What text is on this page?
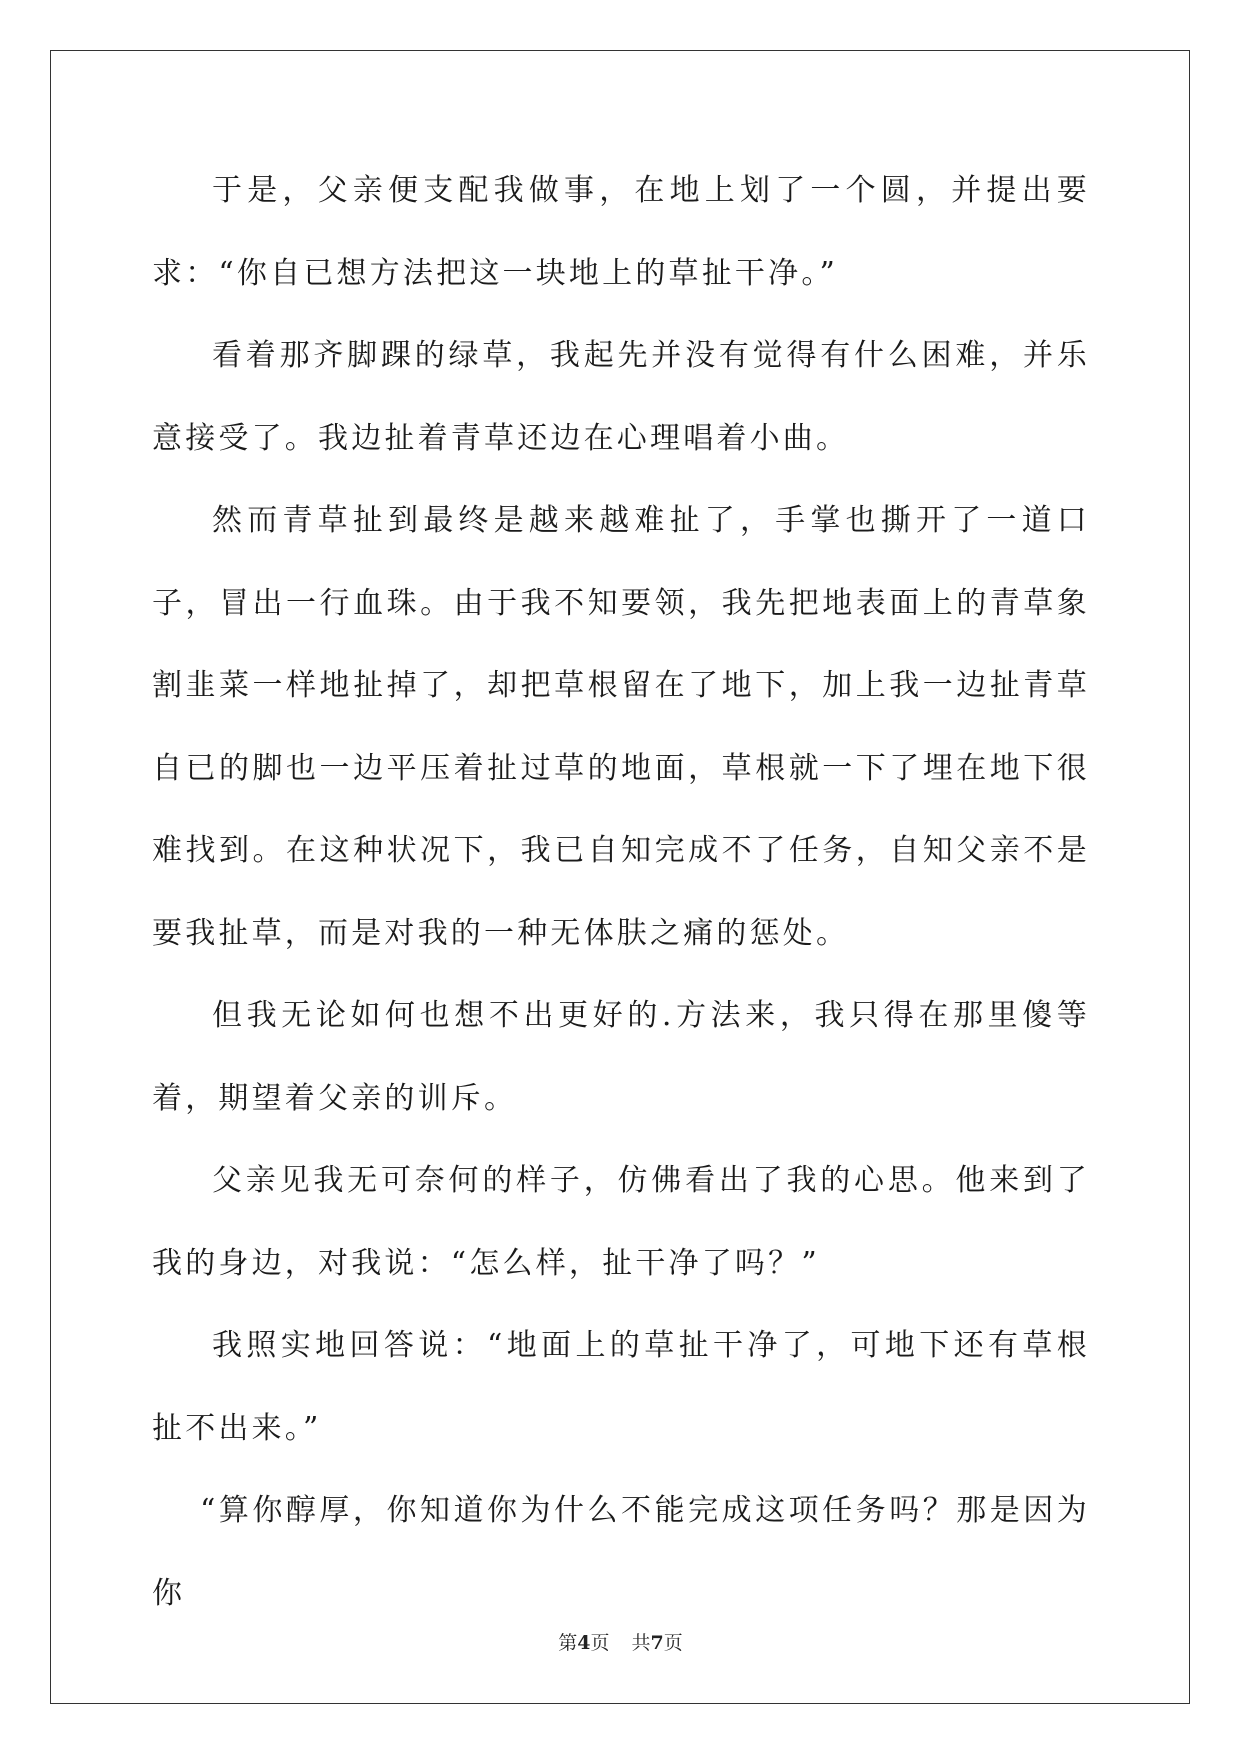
于是，父亲便支配我做事，在地上划了一个圆，并提出要求：“你自已想方法把这一块地上的草扯干净。”

看着那齐脚踝的绿草，我起先并没有觉得有什么困难，并乐意接受了。我边扯着青草还边在心理唱着小曲。

然而青草扯到最终是越来越难扯了，手掌也撕开了一道口子，冒出一行血珠。由于我不知要领，我先把地表面上的青草象割韭菜一样地扯掉了，却把草根留在了地下，加上我一边扯青草自已的脚也一边平压着扯过草的地面，草根就一下了埋在地下很难找到。在这种状况下，我已自知完成不了任务，自知父亲不是要我扯草，而是对我的一种无体肤之痛的惩处。

但我无论如何也想不出更好的.方法来，我只得在那里傻等着，期望着父亲的训斥。

父亲见我无可奈何的样子，仿佛看出了我的心思。他来到了我的身边，对我说：“怎么样，扯干净了吗？”

我照实地回答说：“地面上的草扯干净了，可地下还有草根扯不出来。”

“算你醇厚，你知道你为什么不能完成这项任务吗？那是因为你

第4页 共7页
